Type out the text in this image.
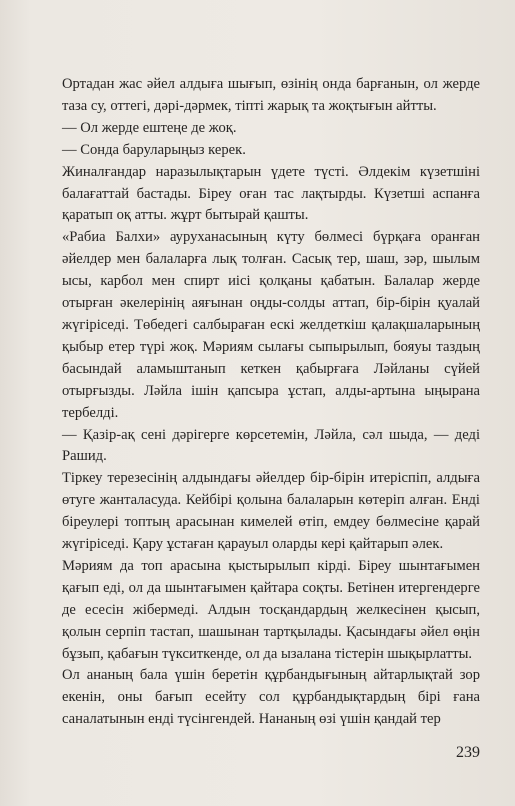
Ортадан жас әйел алдыға шығып, өзінің онда барғанын, ол жерде таза су, оттегі, дәрі-дәрмек, тіпті жарық та жоқтығын айтты.

— Ол жерде ештеңе де жоқ.

— Сонда баруларыңыз керек.

Жиналғандар наразылықтарын үдете түсті. Әлдекім күзетшіні балағаттай бастады. Біреу оған тас лақтырды. Күзетші аспанға қаратып оқ атты. жұрт бытырай қашты.

«Рабиа Балхи» ауруханасының күту бөлмесі бүрқаға оранған әйелдер мен балаларға лық толған. Сасық тер, шаш, зәр, шылым ысы, карбол мен спирт иісі қолқаны қабатын. Балалар жерде отырған әкелерінің аяғынан оңды-солды аттап, бір-бірін қуалай жүгіріседі. Төбедегі салбыраған ескі желдеткіш қалақшаларының қыбыр етер түрі жоқ. Мәриям сылағы сыпырылып, бояуы таздың басындай аламыштанып кеткен қабырғаға Ләйланы сүйей отырғызды. Ләйла ішін қапсыра ұстап, алды-артына ыңырана тербелді.

— Қазір-ақ сені дәрігерге көрсетемін, Ләйла, сәл шыда, — деді Рашид.

Тіркеу терезесінің алдындағы әйелдер бір-бірін итеріспіп, алдыға өтуге жанталасуда. Кейбірі қолына балаларын көтеріп алған. Енді біреулері топтың арасынан кимелей өтіп, емдеу бөлмесіне қарай жүгіріседі. Қару ұстаған қарауыл оларды кері қайтарып әлек.

Мәриям да топ арасына қыстырылып кірді. Біреу шынтағымен қағып еді, ол да шынтағымен қайтара соқты. Бетінен итергендерге де есесін жібермеді. Алдын тосқандардың желкесінен қысып, қолын серпіп тастап, шашынан тартқылады. Қасындағы әйел өңін бұзып, қабағын түкситкенде, ол да ызалана тістерін шықырлатты.

Ол ананың бала үшін беретін құрбандығының айтарлықтай зор екенін, оны бағып есейту сол құрбандықтардың бірі ғана саналатынын енді түсінгендей. Нананың өзі үшін қандай тер

239
